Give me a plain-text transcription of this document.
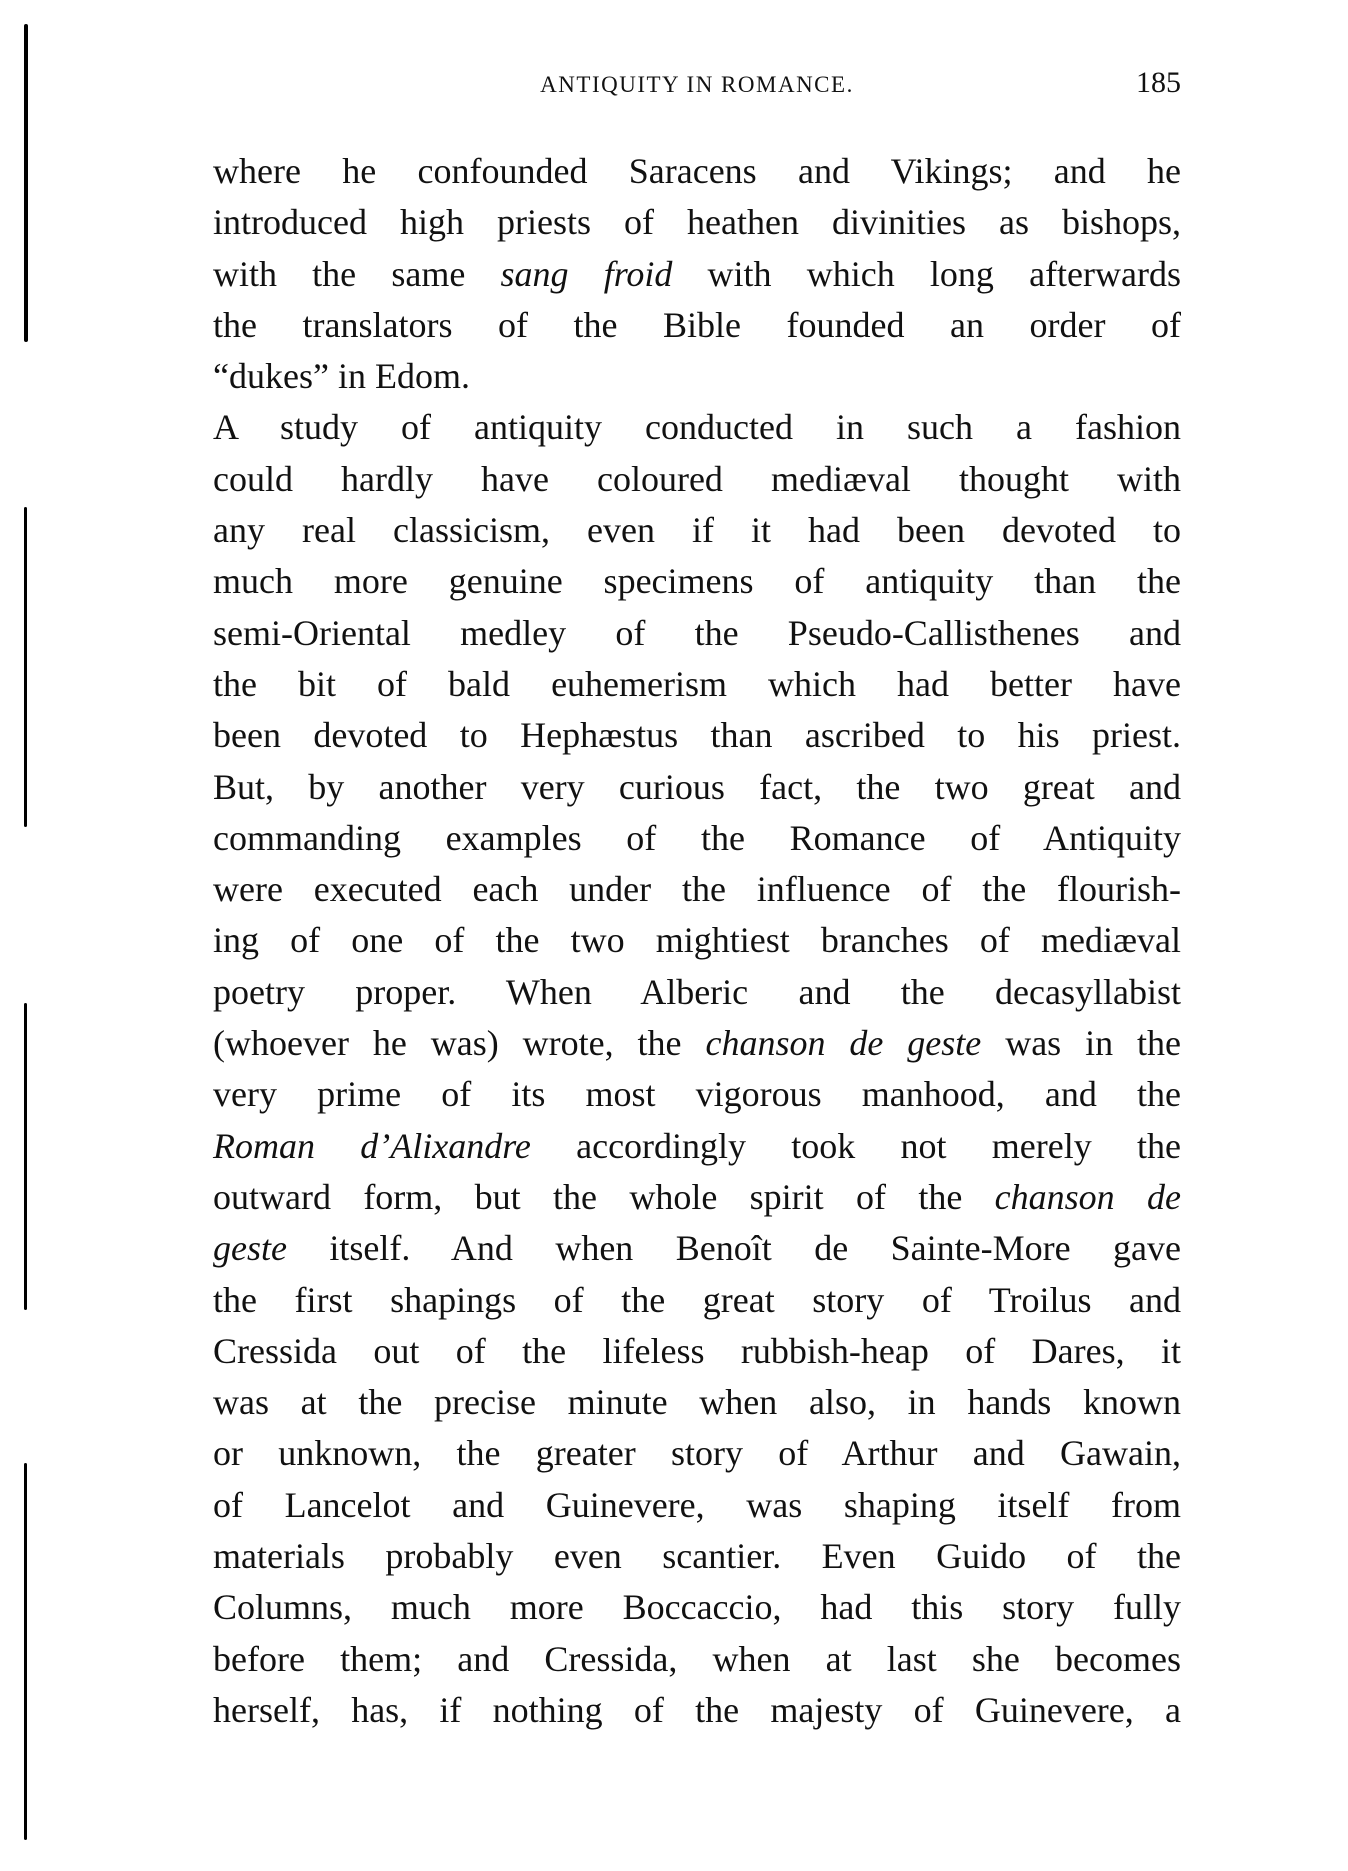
ANTIQUITY IN ROMANCE.	185
where he confounded Saracens and Vikings; and he
introduced high priests of heathen divinities as bishops,
with the same sang froid with which long afterwards
the translators of the Bible founded an order of
“dukes” in Edom.
A study of antiquity conducted in such a fashion
could hardly have coloured mediæval thought with
any real classicism, even if it had been devoted to
much more genuine specimens of antiquity than the
semi-Oriental medley of the Pseudo-Callisthenes and
the bit of bald euhemerism which had better have
been devoted to Hephæstus than ascribed to his priest.
But, by another very curious fact, the two great and
commanding examples of the Romance of Antiquity
were executed each under the influence of the flourish-
ing of one of the two mightiest branches of mediæval
poetry proper. When Alberic and the decasyllabist
(whoever he was) wrote, the chanson de geste was in the
very prime of its most vigorous manhood, and the
Roman d’Alixandre accordingly took not merely the
outward form, but the whole spirit of the chanson de
geste itself. And when Benoît de Sainte-More gave
the first shapings of the great story of Troilus and
Cressida out of the lifeless rubbish-heap of Dares, it
was at the precise minute when also, in hands known
or unknown, the greater story of Arthur and Gawain,
of Lancelot and Guinevere, was shaping itself from
materials probably even scantier. Even Guido of the
Columns, much more Boccaccio, had this story fully
before them; and Cressida, when at last she becomes
herself, has, if nothing of the majesty of Guinevere, a
